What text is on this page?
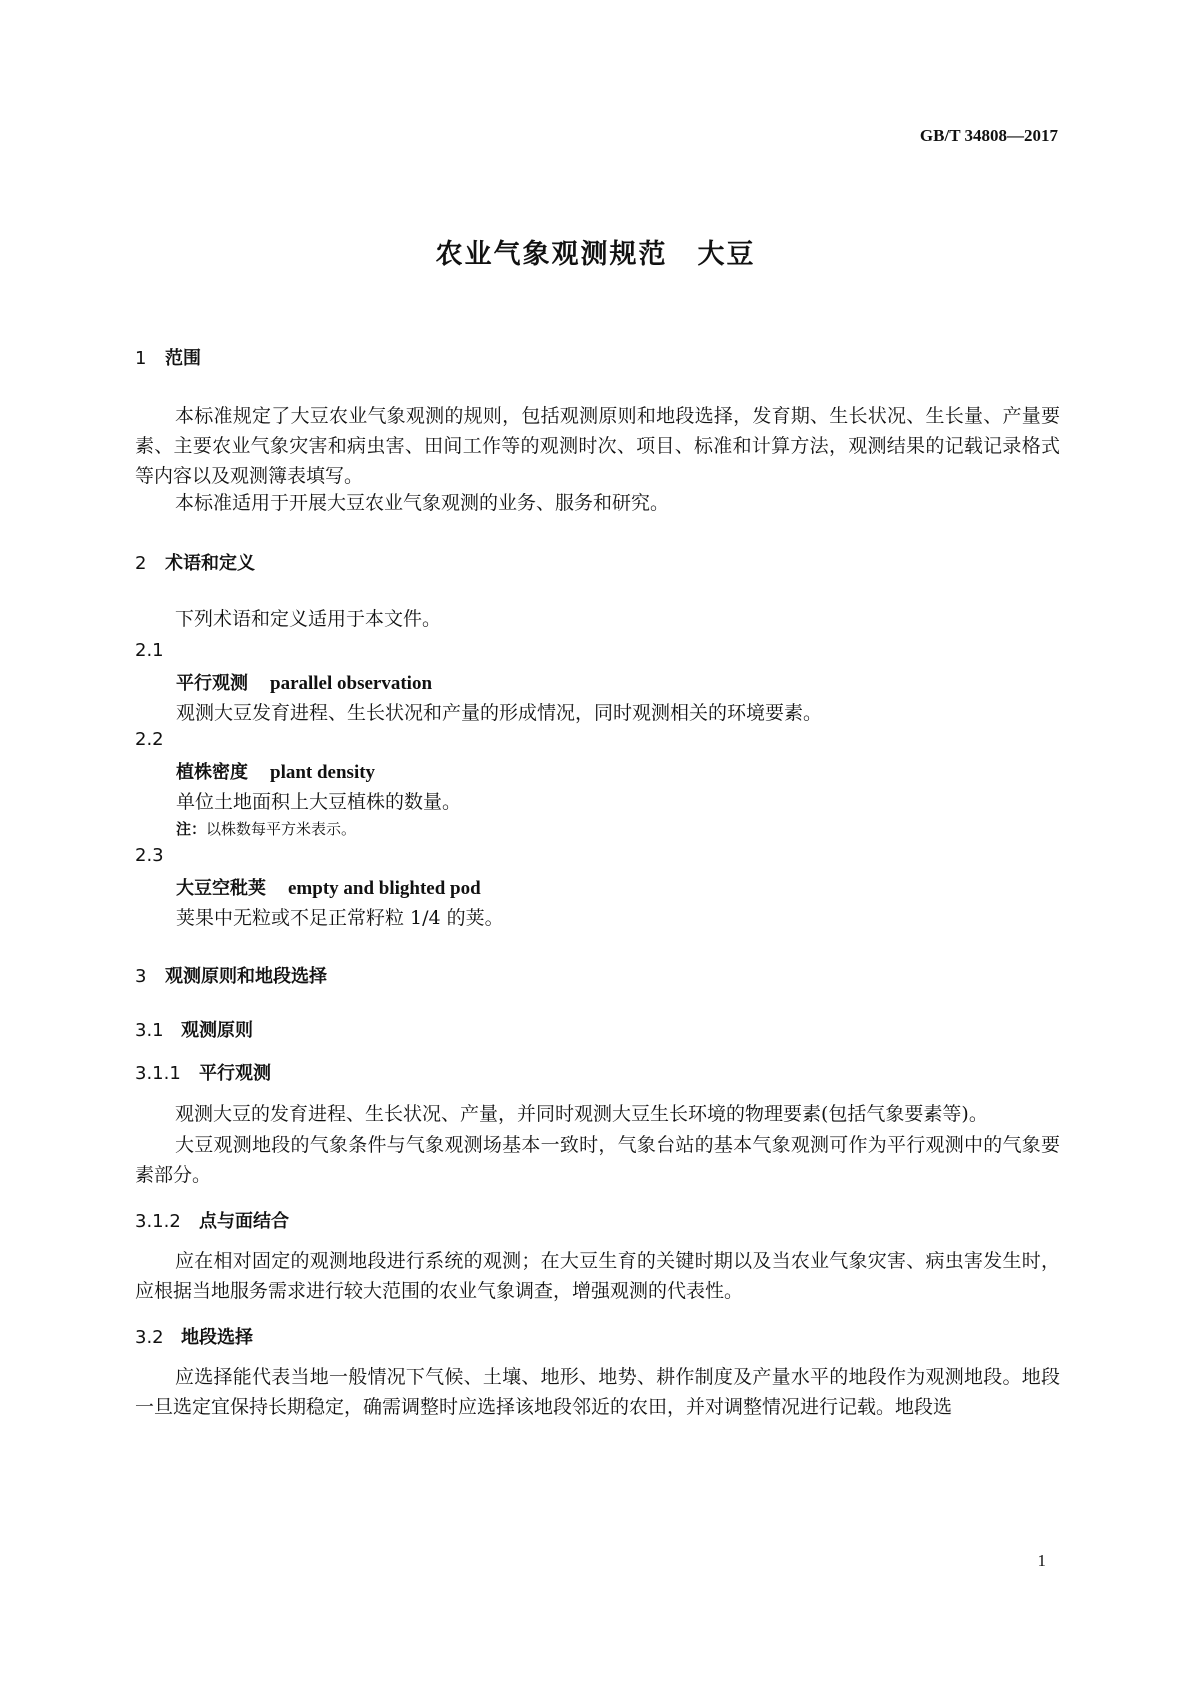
GB/T 34808—2017
农业气象观测规范 大豆
1 范围
本标准规定了大豆农业气象观测的规则，包括观测原则和地段选择，发育期、生长状况、生长量、产量要素、主要农业气象灾害和病虫害、田间工作等的观测时次、项目、标准和计算方法，观测结果的记载记录格式等内容以及观测簿表填写。
本标准适用于开展大豆农业气象观测的业务、服务和研究。
2 术语和定义
下列术语和定义适用于本文件。
2.1
平行观测 parallel observation
观测大豆发育进程、生长状况和产量的形成情况，同时观测相关的环境要素。
2.2
植株密度 plant density
单位土地面积上大豆植株的数量。
注：以株数每平方米表示。
2.3
大豆空秕荚 empty and blighted pod
荚果中无粒或不足正常籽粒 1/4 的荚。
3 观测原则和地段选择
3.1 观测原则
3.1.1 平行观测
观测大豆的发育进程、生长状况、产量，并同时观测大豆生长环境的物理要素(包括气象要素等)。
大豆观测地段的气象条件与气象观测场基本一致时，气象台站的基本气象观测可作为平行观测中的气象要素部分。
3.1.2 点与面结合
应在相对固定的观测地段进行系统的观测；在大豆生育的关键时期以及当农业气象灾害、病虫害发生时，应根据当地服务需求进行较大范围的农业气象调查，增强观测的代表性。
3.2 地段选择
应选择能代表当地一般情况下气候、土壤、地形、地势、耕作制度及产量水平的地段作为观测地段。地段一旦选定宜保持长期稳定，确需调整时应选择该地段邻近的农田，并对调整情况进行记载。地段选
1
